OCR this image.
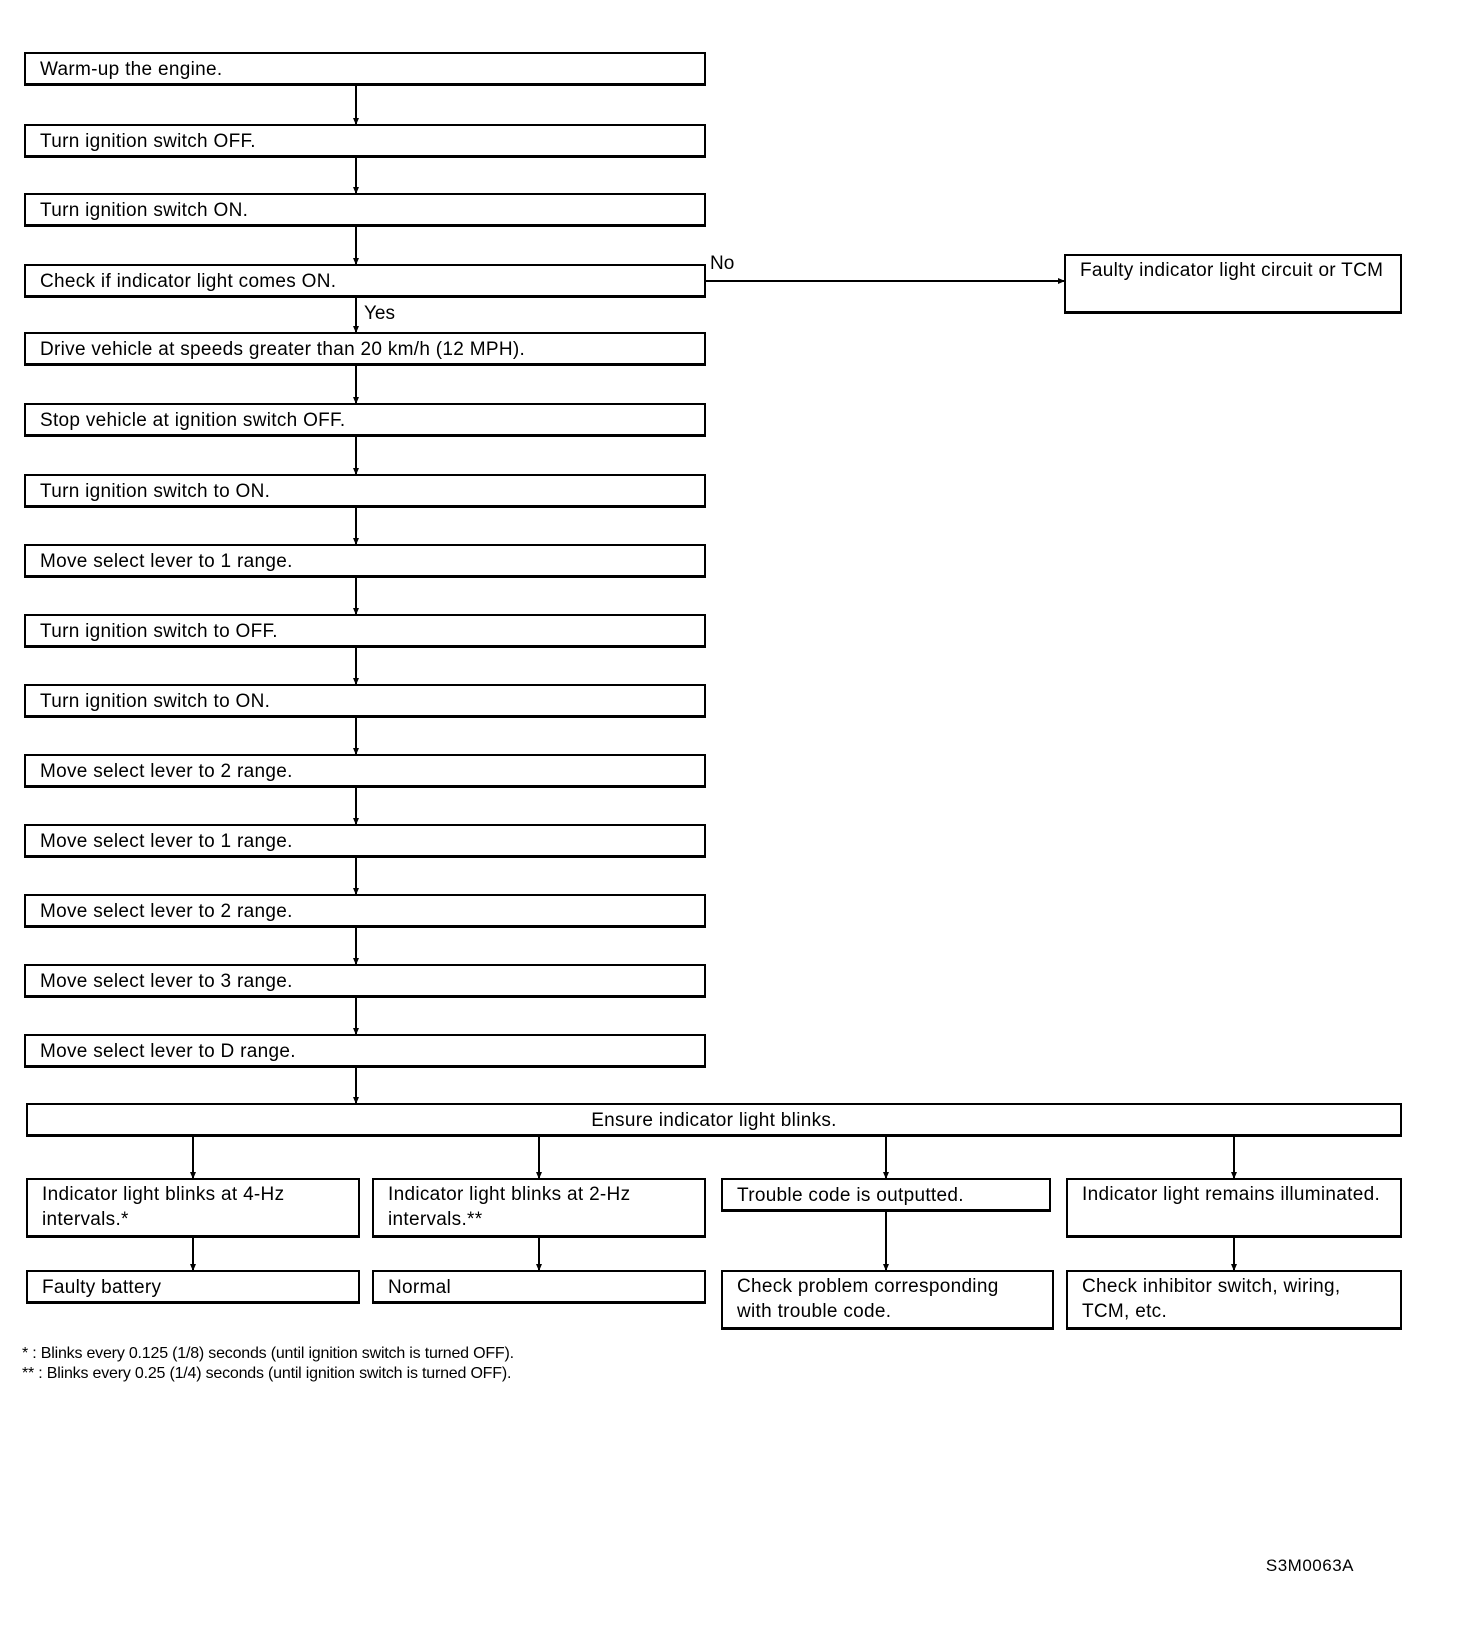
Warm-up the engine.
Turn ignition switch OFF.
Turn ignition switch ON.
Check if indicator light comes ON.
Drive vehicle at speeds greater than 20 km/h (12 MPH).
Stop vehicle at ignition switch OFF.
Turn ignition switch to ON.
Move select lever to 1 range.
Turn ignition switch to OFF.
Turn ignition switch to ON.
Move select lever to 2 range.
Move select lever to 1 range.
Move select lever to 2 range.
Move select lever to 3 range.
Move select lever to D range.
No
Yes
Faulty indicator light circuit or TCM
Ensure indicator light blinks.
Indicator light blinks at 4-Hz intervals.*
Indicator light blinks at 2-Hz intervals.**
Trouble code is outputted.	Indicator light remains illuminated.
Faulty battery	Normal	Check problem corresponding with trouble code.
Check inhibitor switch, wiring, TCM, etc.
* : Blinks every 0.125 (1/8) seconds (until ignition switch is turned OFF).
** : Blinks every 0.25 (1/4) seconds (until ignition switch is turned OFF).
S3M0063A
